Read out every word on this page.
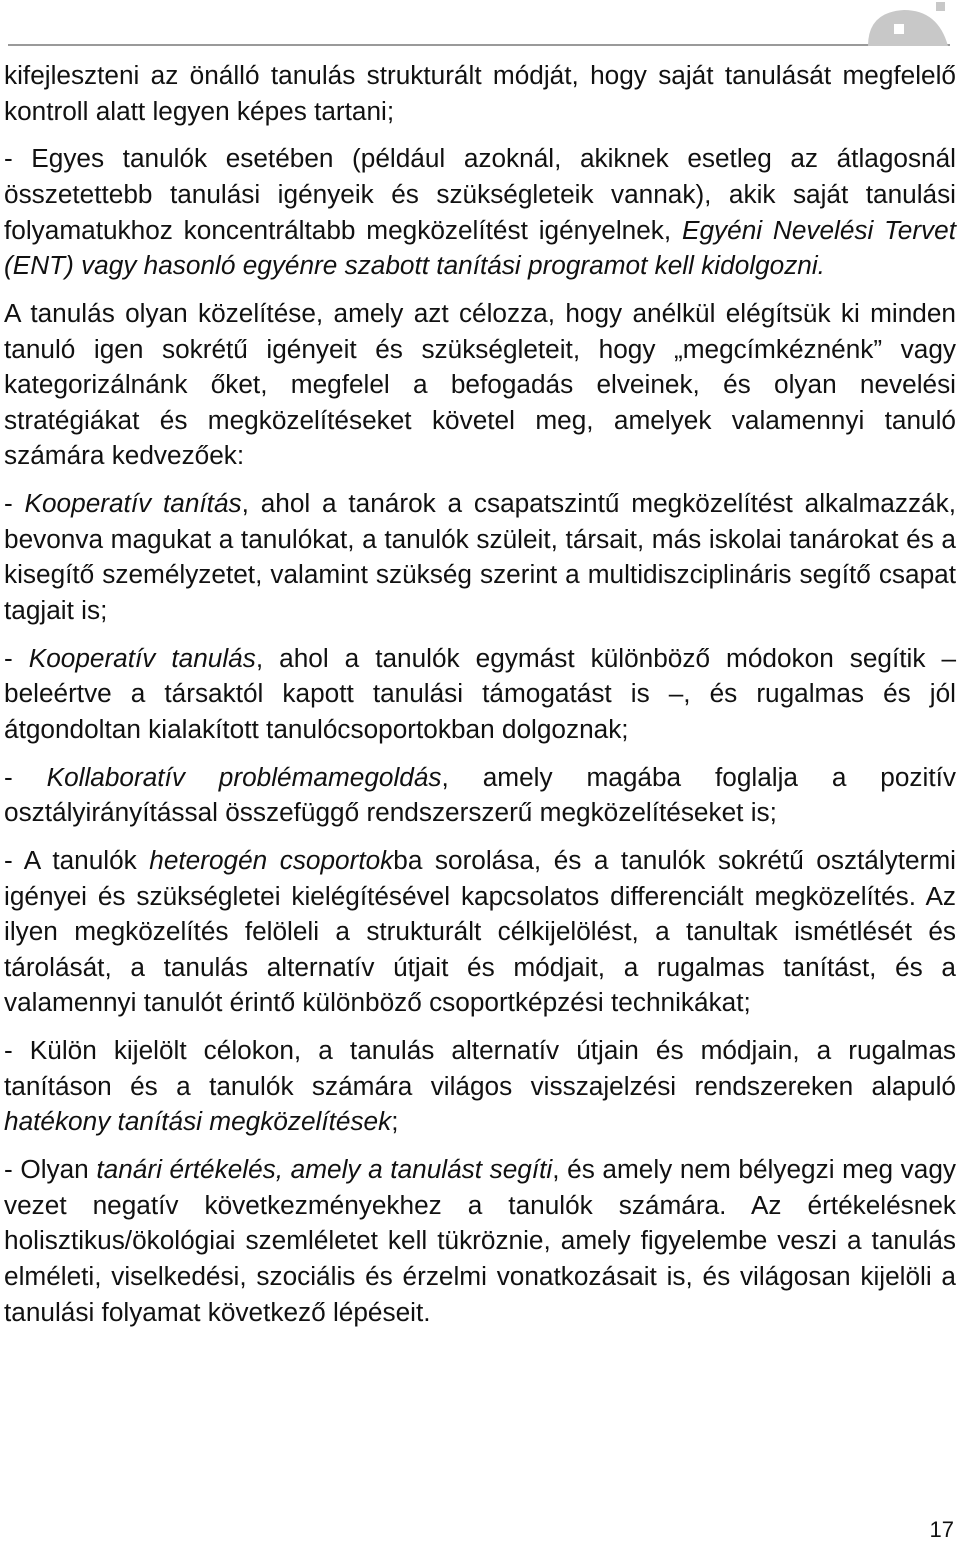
kifejleszteni az önálló tanulás strukturált módját, hogy saját tanulását megfelelő kontroll alatt legyen képes tartani;

- Egyes tanulók esetében (például azoknál, akiknek esetleg az átlagosnál összetettebb tanulási igényeik és szükségleteik vannak), akik saját tanulási folyamatukhoz koncentráltabb megközelítést igényelnek, Egyéni Nevelési Tervet (ENT) vagy hasonló egyénre szabott tanítási programot kell kidolgozni.

A tanulás olyan közelítése, amely azt célozza, hogy anélkül elégítsük ki minden tanuló igen sokrétű igényeit és szükségleteit, hogy „megcímkéznénk” vagy kategorizálnánk őket, megfelel a befogadás elveinek, és olyan nevelési stratégiákat és megközelítéseket követel meg, amelyek valamennyi tanuló számára kedvezőek:

- Kooperatív tanítás, ahol a tanárok a csapatszintű megközelítést alkalmazzák, bevonva magukat a tanulókat, a tanulók szüleit, társait, más iskolai tanárokat és a kisegítő személyzetet, valamint szükség szerint a multidiszciplináris segítő csapat tagjait is;

- Kooperatív tanulás, ahol a tanulók egymást különböző módokon segítik – beleértve a társaktól kapott tanulási támogatást is –, és rugalmas és jól átgondoltan kialakított tanulócsoportokban dolgoznak;

- Kollaboratív problémamegoldás, amely magába foglalja a pozitív osztályirányítással összefüggő rendszerszerű megközelítéseket is;

- A tanulók heterogén csoportokba sorolása, és a tanulók sokrétű osztálytermi igényei és szükségletei kielégítésével kapcsolatos differenciált megközelítés. Az ilyen megközelítés felöleli a strukturált célkijelölést, a tanultak ismétlését és tárolását, a tanulás alternatív útjait és módjait, a rugalmas tanítást, és a valamennyi tanulót érintő különböző csoportképzési technikákat;

- Külön kijelölt célokon, a tanulás alternatív útjain és módjain, a rugalmas tanításon és a tanulók számára világos visszajelzési rendszereken alapuló hatékony tanítási megközelítések;

- Olyan tanári értékelés, amely a tanulást segíti, és amely nem bélyegzi meg vagy vezet negatív következményekhez a tanulók számára. Az értékelésnek holisztikus/ökológiai szemléletet kell tükröznie, amely figyelembe veszi a tanulás elméleti, viselkedési, szociális és érzelmi vonatkozásait is, és világosan kijelöli a tanulási folyamat következő lépéseit.

17
